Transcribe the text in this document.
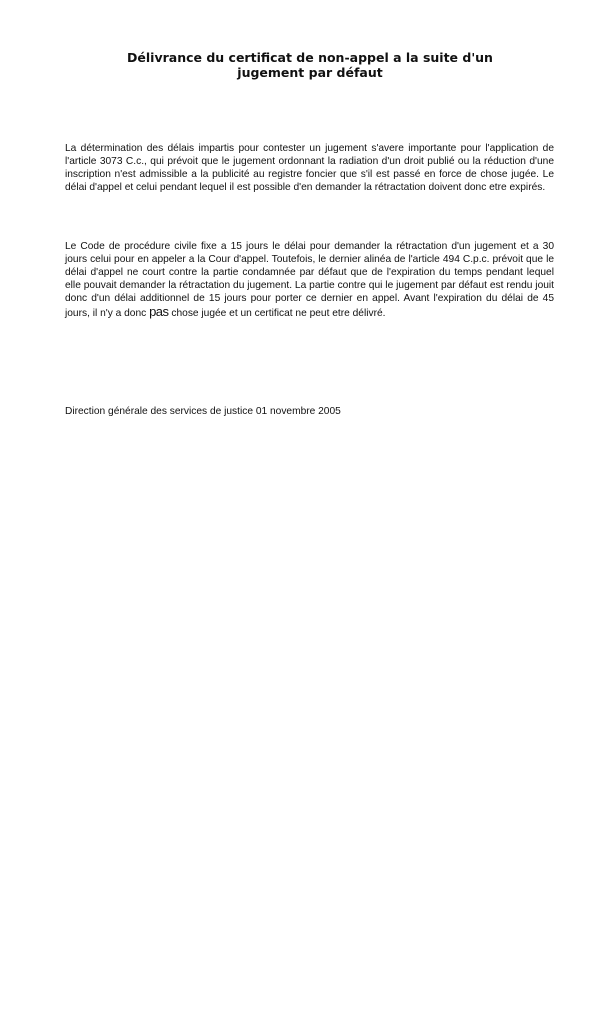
Délivrance du certificat de non-appel a la suite d'un
jugement par défaut

La détermination des délais impartis pour contester un jugement s'avere importante pour l'application de l'article 3073 C.c., qui prévoit que le jugement ordonnant la radiation d'un droit publié ou la réduction d'une inscription n'est admissible a la publicité au registre foncier que s'il est passé en force de chose jugée. Le délai d'appel et celui pendant lequel il est possible d'en demander la rétractation doivent donc etre expirés.

Le Code de procédure civile fixe a 15 jours le délai pour demander la rétractation d'un jugement et a 30 jours celui pour en appeler a la Cour d'appel. Toutefois, le dernier alinéa de l'article 494 C.p.c. prévoit que le délai d'appel ne court contre la partie condamnée par défaut que de l'expiration du temps pendant lequel elle pouvait demander la rétractation du jugement. La partie contre qui le jugement par défaut est rendu jouit donc d'un délai additionnel de 15 jours pour porter ce dernier en appel. Avant l'expiration du délai de 45 jours, il n'y a donc pas chose jugée et un certificat ne peut etre délivré.

Direction générale des services de justice 01 novembre 2005
